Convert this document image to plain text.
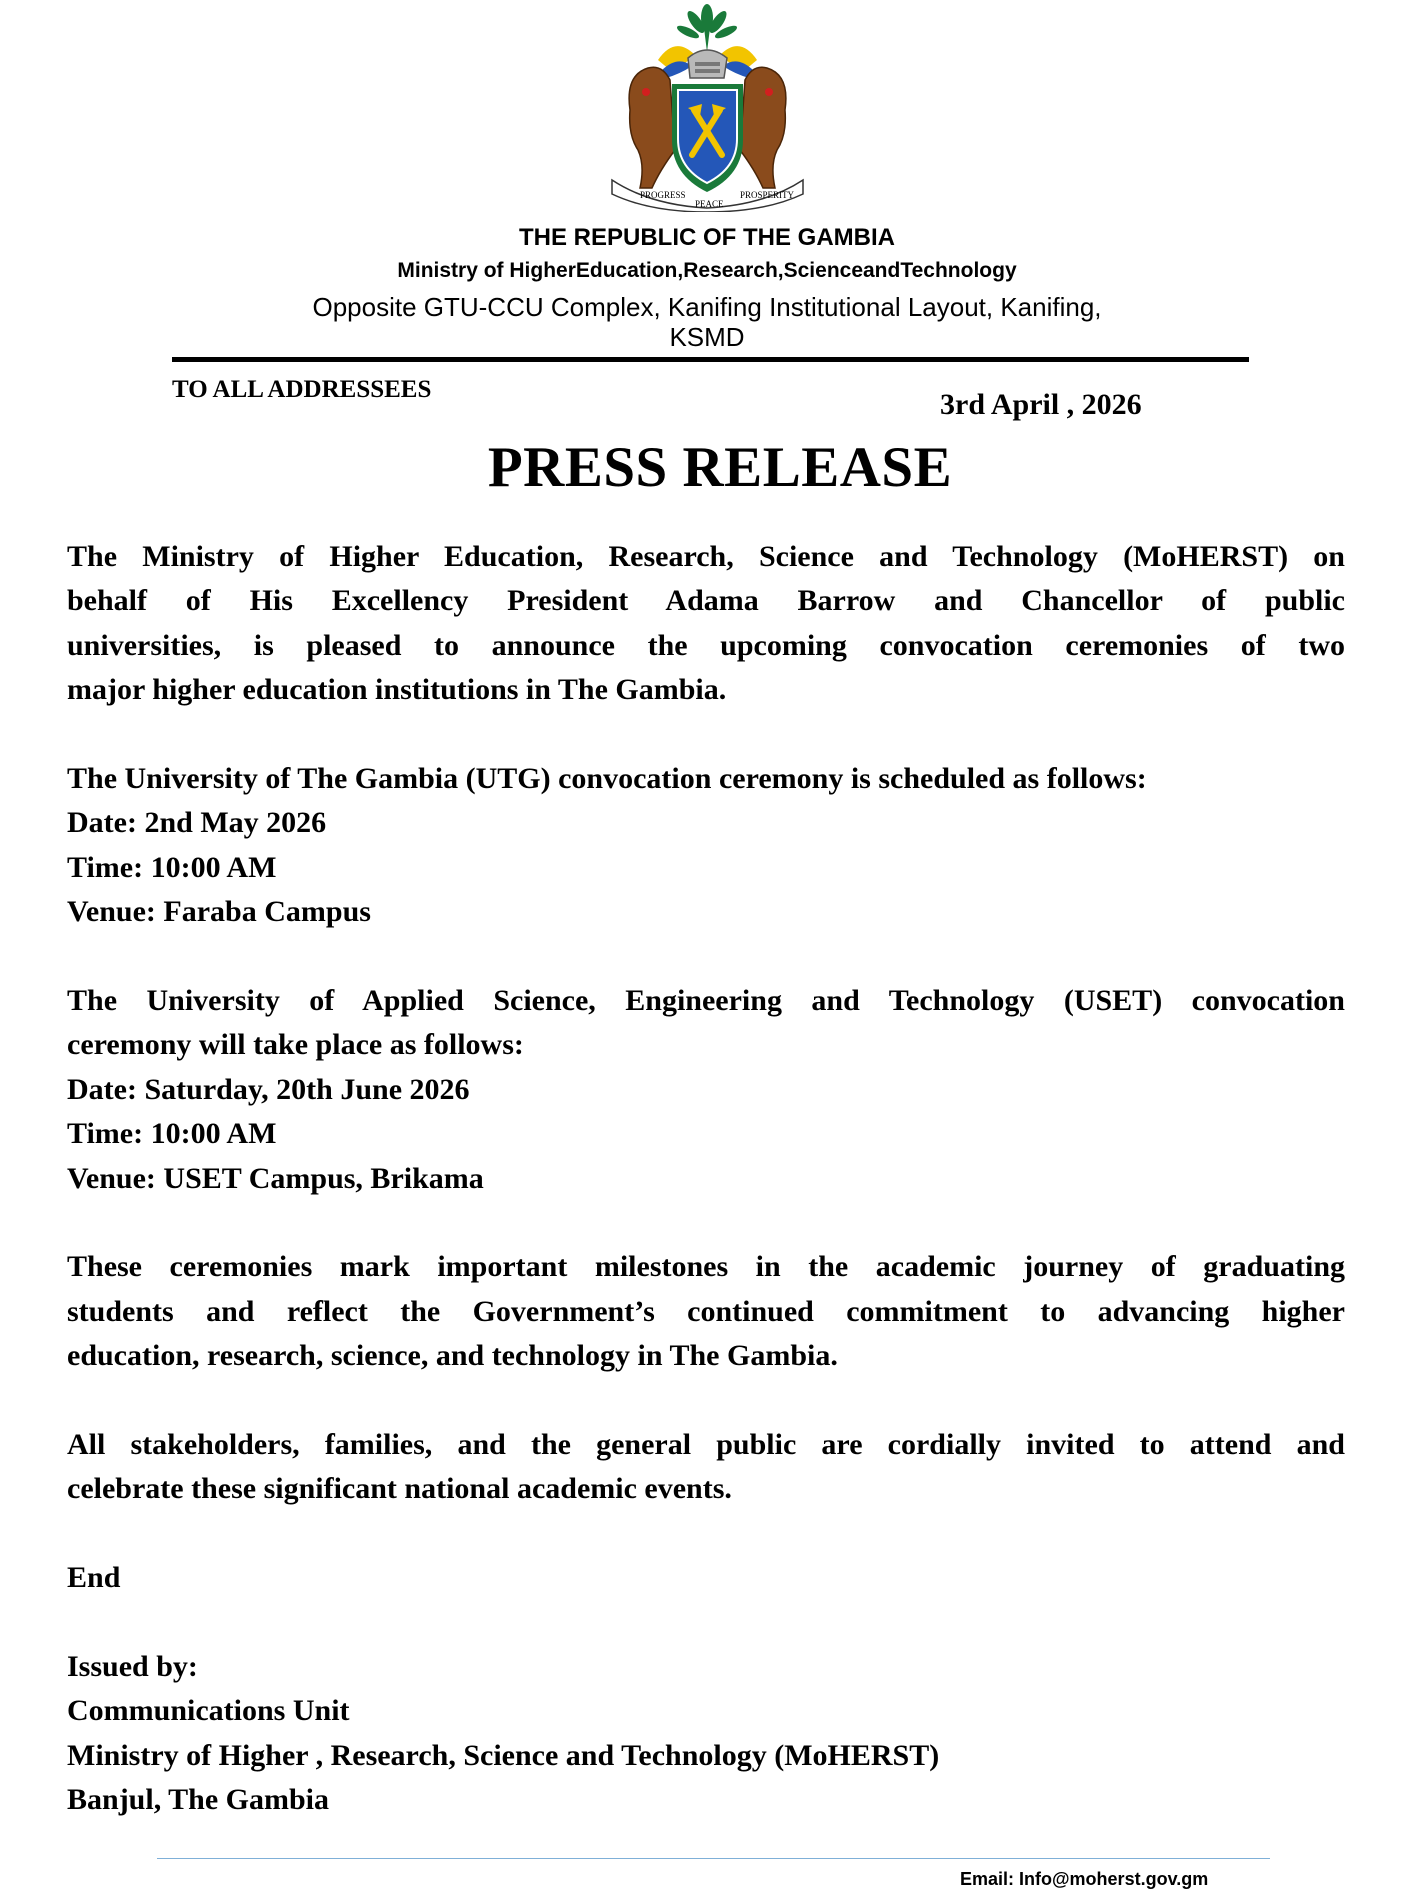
PROGRESS
PEACE
PROSPERITY
THE REPUBLIC OF THE GAMBIA
Ministry of HigherEducation,Research,ScienceandTechnology
Opposite GTU-CCU Complex, Kanifing Institutional Layout, Kanifing,
KSMD
TO ALL ADDRESSEES	3rd April , 2026
PRESS RELEASE
The Ministry of Higher Education, Research, Science and Technology (MoHERST) on
behalf of His Excellency President Adama Barrow and Chancellor of public
universities, is pleased to announce the upcoming convocation ceremonies of two
major higher education institutions in The Gambia.
The University of The Gambia (UTG) convocation ceremony is scheduled as follows:
Date: 2nd May 2026
Time: 10:00 AM
Venue: Faraba Campus
The University of Applied Science, Engineering and Technology (USET) convocation
ceremony will take place as follows:
Date: Saturday, 20th June 2026
Time: 10:00 AM
Venue: USET Campus, Brikama
These ceremonies mark important milestones in the academic journey of graduating
students and reflect the Government’s continued commitment to advancing higher
education, research, science, and technology in The Gambia.
All stakeholders, families, and the general public are cordially invited to attend and
celebrate these significant national academic events.
End
Issued by:
Communications Unit
Ministry of Higher , Research, Science and Technology (MoHERST)
Banjul, The Gambia
Email: Info@moherst.gov.gm
